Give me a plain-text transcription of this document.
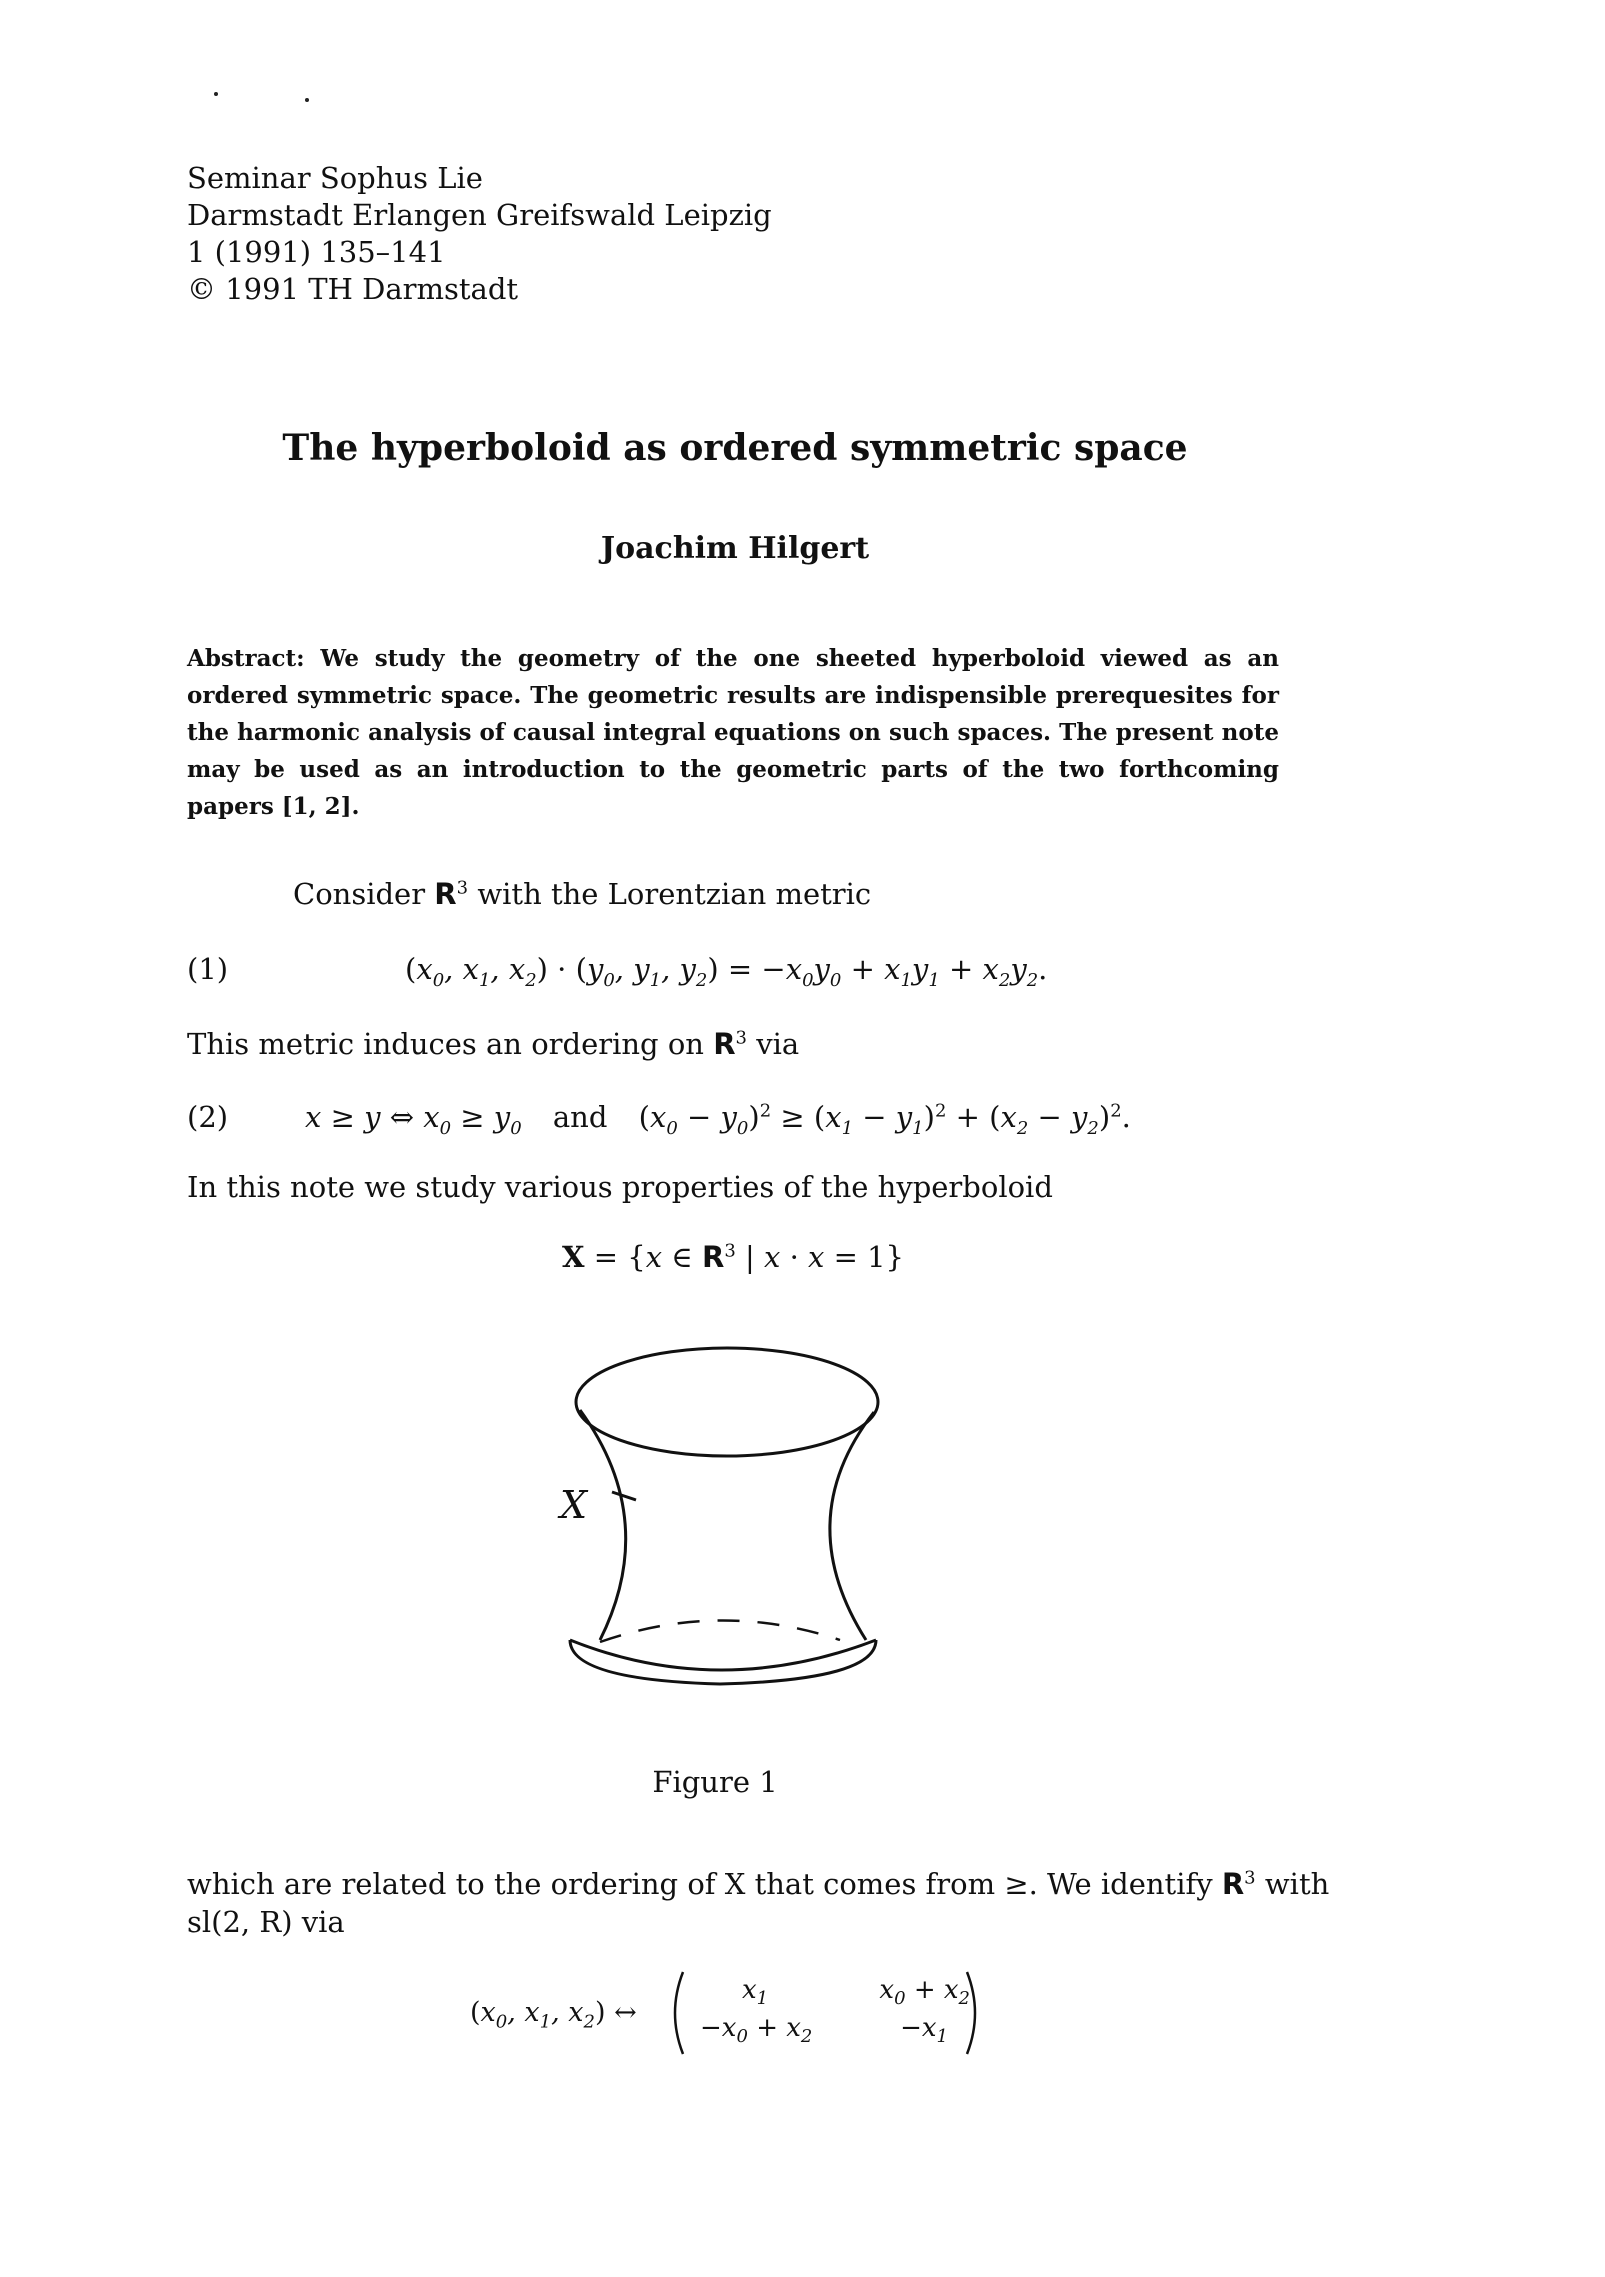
Seminar Sophus Lie
Darmstadt Erlangen Greifswald Leipzig
1 (1991) 135–141
© 1991 TH Darmstadt
The hyperboloid as ordered symmetric space
Joachim Hilgert
Abstract: We study the geometry of the one sheeted hyperboloid viewed as an ordered symmetric space. The geometric results are indispensible prerequesites for the harmonic analysis of causal integral equations on such spaces. The present note may be used as an introduction to the geometric parts of the two forthcoming papers [1, 2].
Consider $R^3$ with the Lorentzian metric
(1)	($x_0$, $x_1$, $x_2) \cdot (y_0$, $y_1$, $y_2) = -x_0y_0 + x_1y_1 + x_2y_2$.
This metric induces an ordering on $R^3$ via
(2)	x ≥ y ⇔ $x_0 \ge y_0$ and $(x_0 - y_0)^2 \ge (x_1 - y_1)^2 + (x_2 - y_2)^2$.
In this note we study various properties of the hyperboloid
X = {x ∈ $R^3$ | x · x = 1}
X
Figure 1
which are related to the ordering of X that comes from ≥. We identify $R^3$ with
sl(2, R) via
($x_0$, $x_1$, $x_2$) ↔
$x_1$	$x_0 + x_2$
$-x_0 + x_2$	$-x_1$
